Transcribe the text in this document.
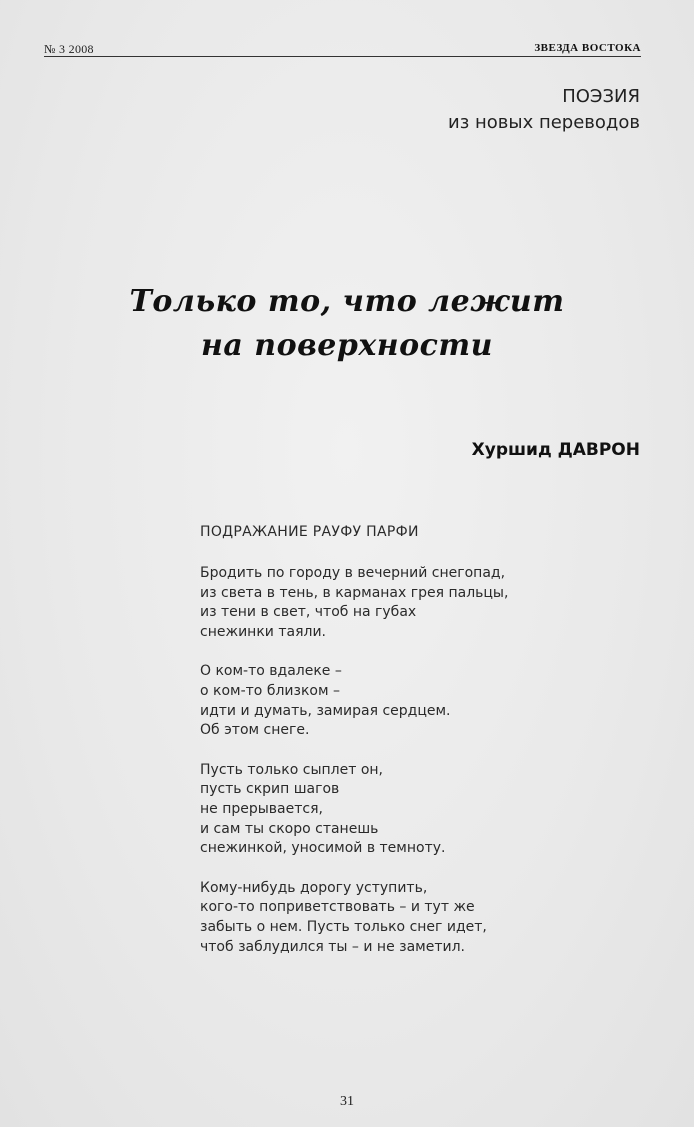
№ 3 2008	ЗВЕЗДА ВОСТОКА
ПОЭЗИЯ
из новых переводов
Только то, что лежит
на поверхности
Хуршид ДАВРОН
ПОДРАЖАНИЕ РАУФУ ПАРФИ
Бродить по городу в вечерний снегопад,
из света в тень, в карманах грея пальцы,
из тени в свет, чтоб на губах
снежинки таяли.
О ком-то вдалеке –
о ком-то близком –
идти и думать, замирая сердцем.
Об этом снеге.
Пусть только сыплет он,
пусть скрип шагов
не прерывается,
и сам ты скоро станешь
снежинкой, уносимой в темноту.
Кому-нибудь дорогу уступить,
кого-то поприветствовать – и тут же
забыть о нем. Пусть только снег идет,
чтоб заблудился ты – и не заметил.
31
